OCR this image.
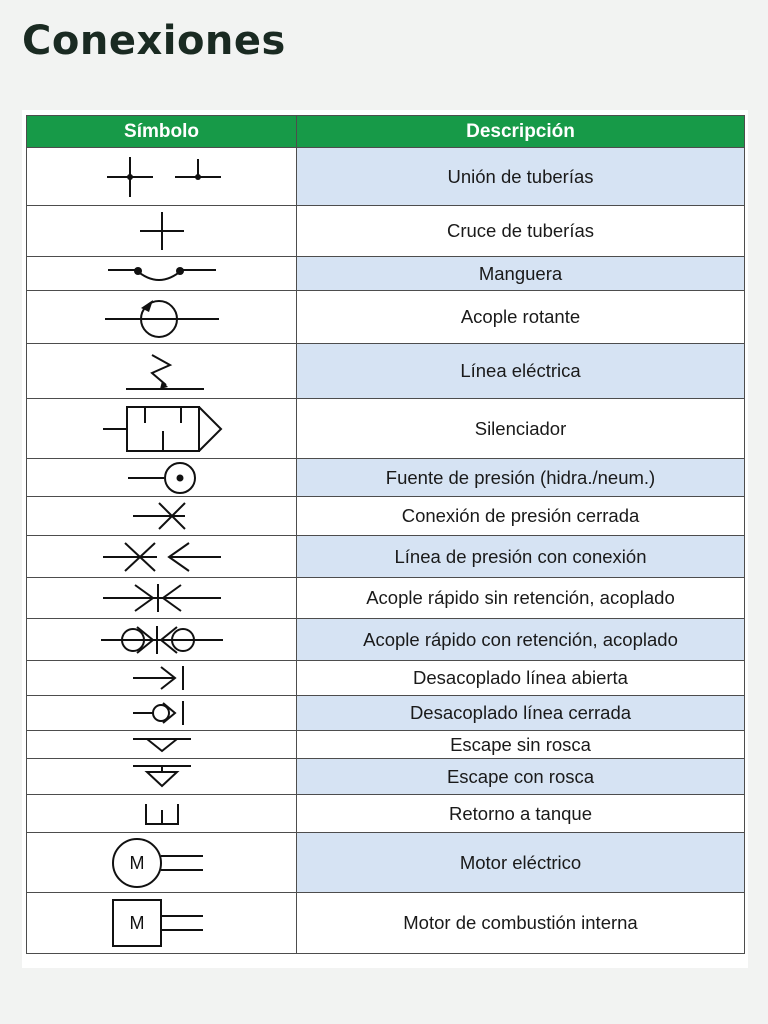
Conexiones
Símbolo	Descripción

	Unión de tuberías

	Cruce de tuberías

	Manguera

	Acople rotante

	Línea eléctrica

	Silenciador

	Fuente de presión (hidra./neum.)

	Conexión de presión cerrada

	Línea de presión con conexión

	Acople rápido sin retención, acoplado

	Acople rápido con retención, acoplado

	Desacoplado línea abierta

	Desacoplado línea cerrada

	Escape sin rosca

	Escape con rosca

	Retorno a tanque

M	Motor eléctrico

M	Motor de combustión interna
